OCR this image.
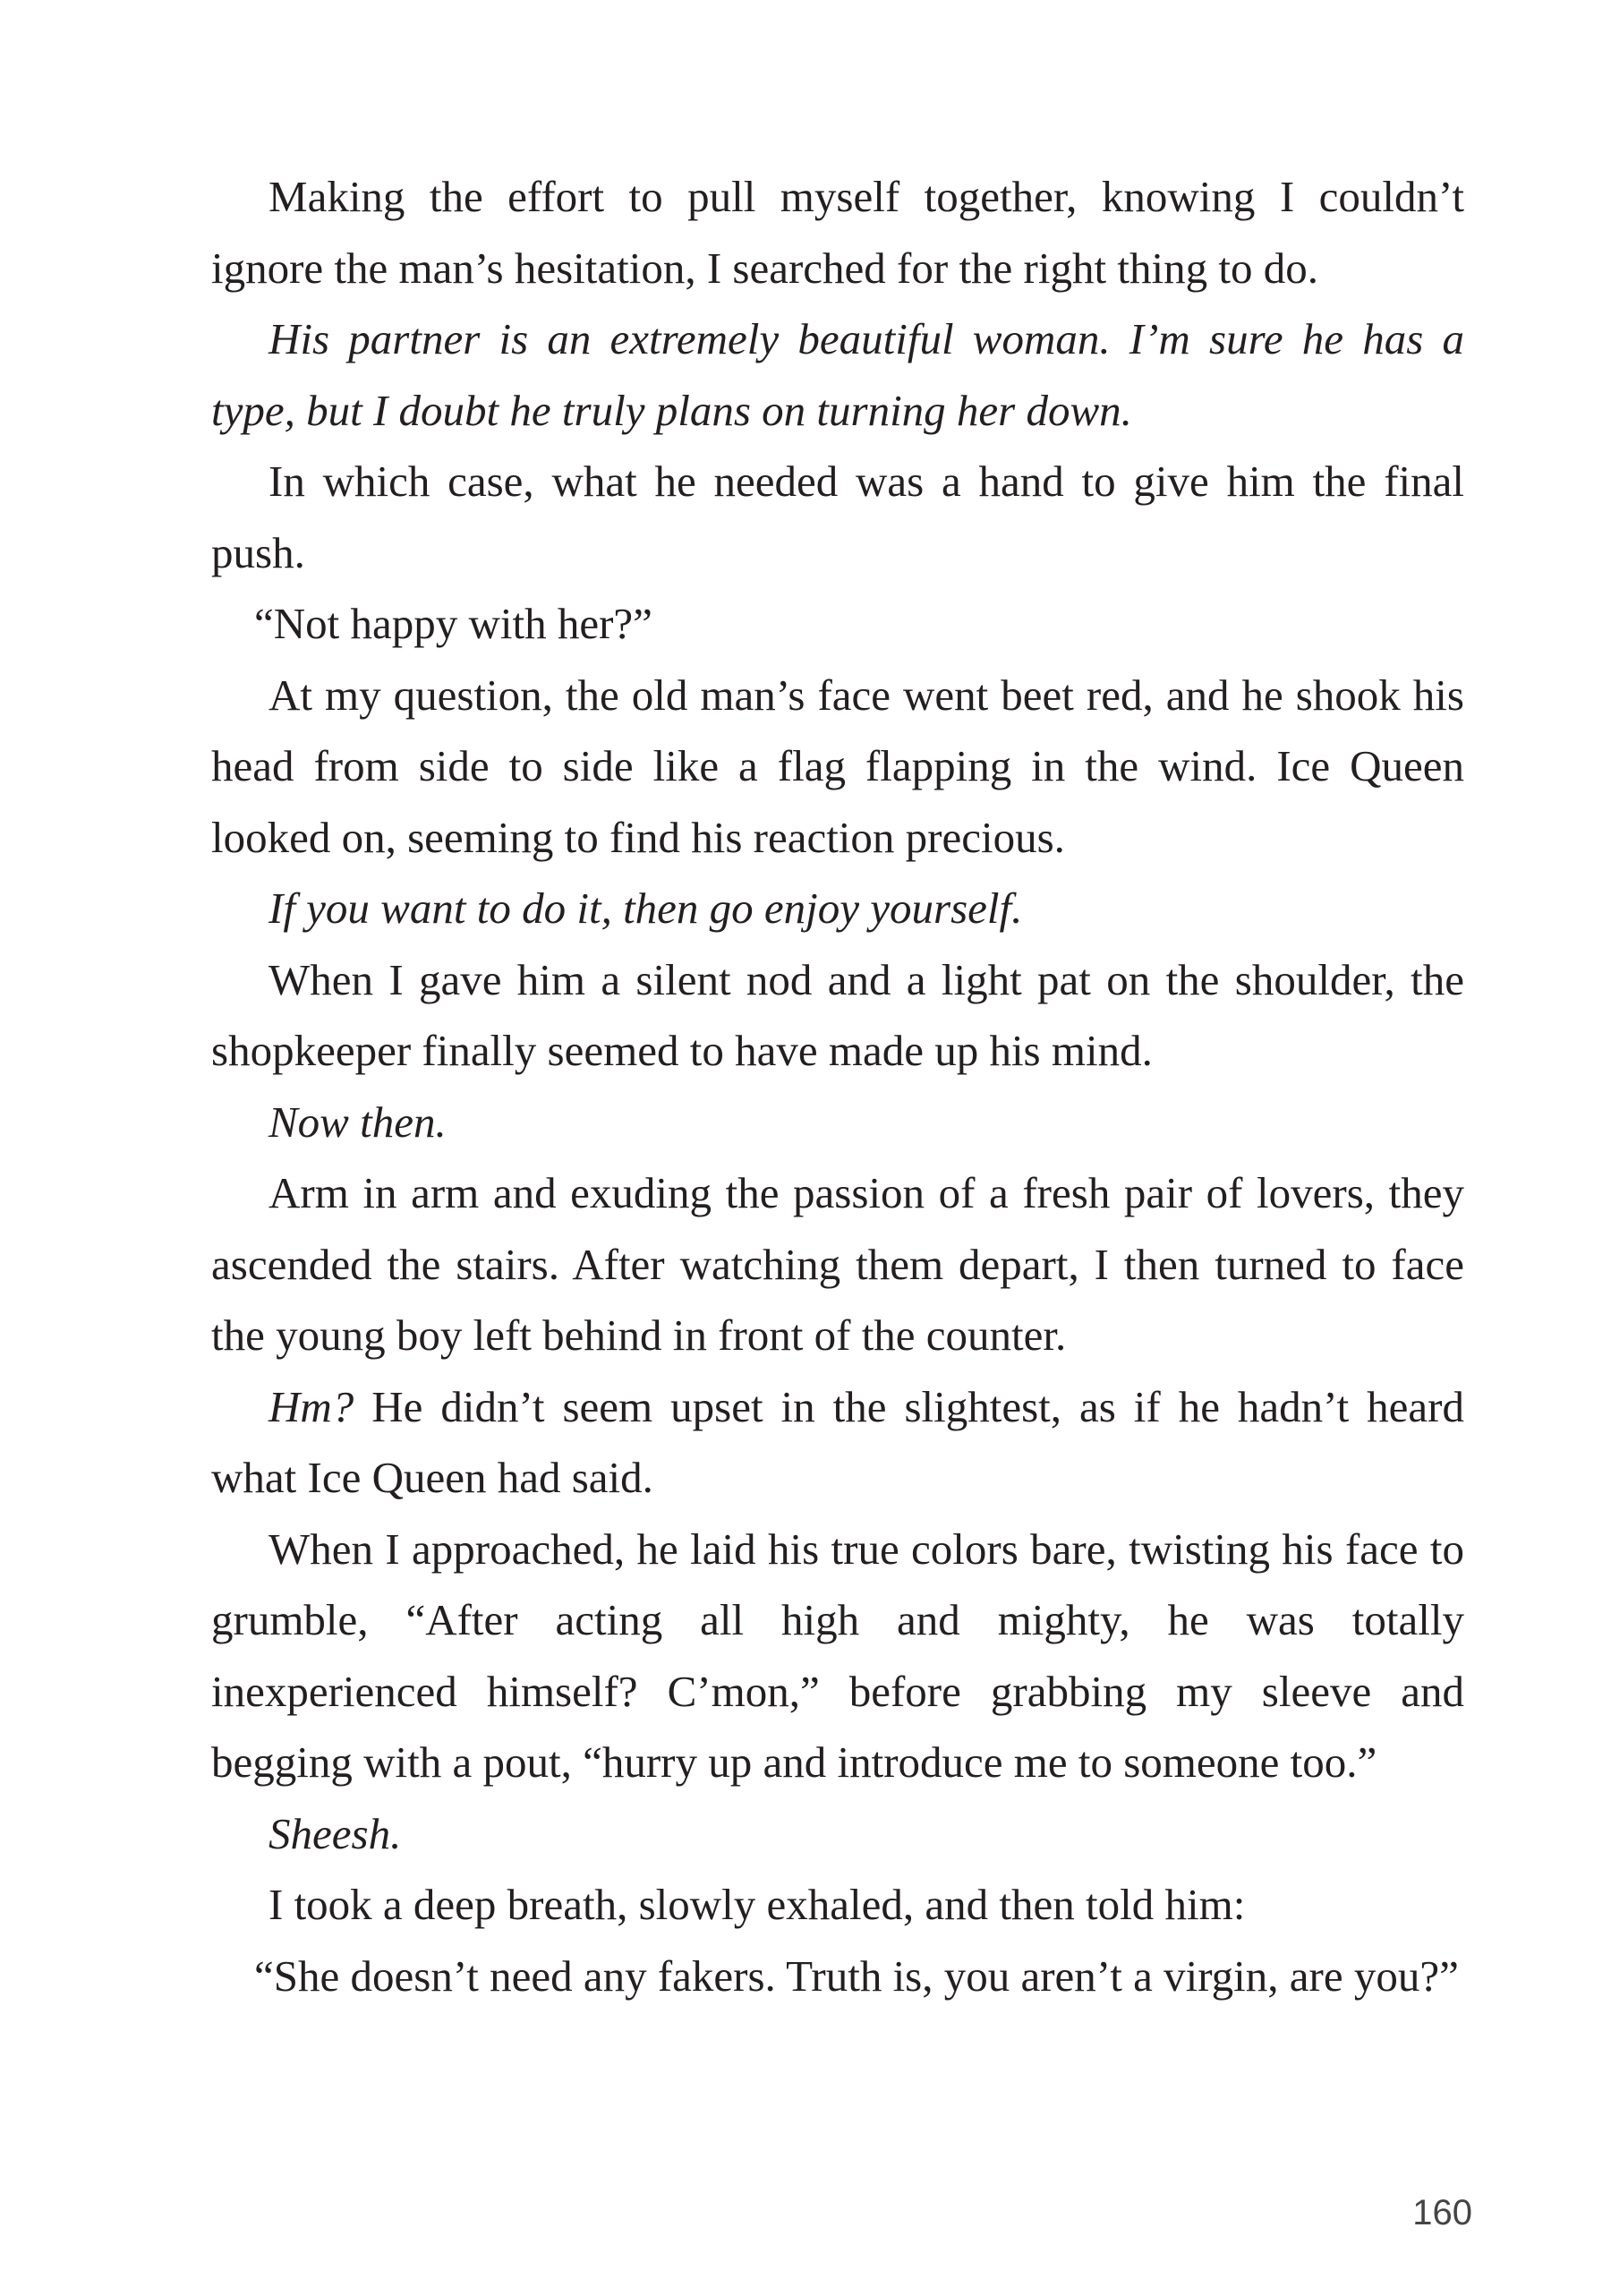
Making the effort to pull myself together, knowing I couldn’t ignore the man’s hesitation, I searched for the right thing to do.

His partner is an extremely beautiful woman. I’m sure he has a type, but I doubt he truly plans on turning her down.

In which case, what he needed was a hand to give him the final push.

“Not happy with her?”

At my question, the old man’s face went beet red, and he shook his head from side to side like a flag flapping in the wind. Ice Queen looked on, seeming to find his reaction precious.

If you want to do it, then go enjoy yourself.

When I gave him a silent nod and a light pat on the shoulder, the shopkeeper finally seemed to have made up his mind.

Now then.

Arm in arm and exuding the passion of a fresh pair of lovers, they ascended the stairs. After watching them depart, I then turned to face the young boy left behind in front of the counter.

Hm? He didn’t seem upset in the slightest, as if he hadn’t heard what Ice Queen had said.

When I approached, he laid his true colors bare, twisting his face to grumble, “After acting all high and mighty, he was totally inexperienced himself? C’mon,” before grabbing my sleeve and begging with a pout, “hurry up and introduce me to someone too.”

Sheesh.

I took a deep breath, slowly exhaled, and then told him:

“She doesn’t need any fakers. Truth is, you aren’t a virgin, are you?”

160
